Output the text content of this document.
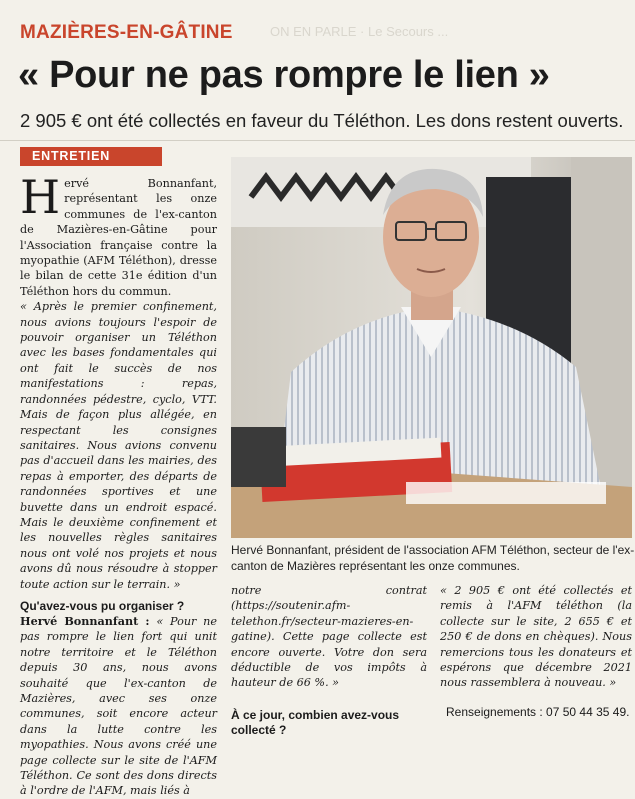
ON EN PARLE · Le Secours ...
MAZIÈRES-EN-GÂTINE
« Pour ne pas rompre le lien »
2 905 € ont été collectés en faveur du Téléthon. Les dons restent ouverts.
ENTRETIEN

Hervé Bonnanfant, représentant les onze communes de l'ex-canton de Mazières-en-Gâtine pour l'Association française contre la myopathie (AFM Téléthon), dresse le bilan de cette 31e édition d'un Téléthon hors du commun.

« Après le premier confinement, nous avions toujours l'espoir de pouvoir organiser un Téléthon avec les bases fondamentales qui ont fait le succès de nos manifestations : repas, randonnées pédestre, cyclo, VTT. Mais de façon plus allégée, en respectant les consignes sanitaires. Nous avions convenu pas d'accueil dans les mairies, des repas à emporter, des départs de randonnées sportives et une buvette dans un endroit espacé. Mais le deuxième confinement et les nouvelles règles sanitaires nous ont volé nos projets et nous avons dû nous résoudre à stopper toute action sur le terrain. »

Qu'avez-vous pu organiser ?

Hervé Bonnanfant : « Pour ne pas rompre le lien fort qui unit notre territoire et le Téléthon depuis 30 ans, nous avons souhaité que l'ex-canton de Mazières, avec ses onze communes, soit encore acteur dans la lutte contre les myopathies. Nous avons créé une page collecte sur le site de l'AFM Téléthon. Ce sont des dons directs à l'ordre de l'AFM, mais liés à

Hervé Bonnanfant, président de l'association AFM Téléthon, secteur de l'ex-canton de Mazières représentant les onze communes.

notre contrat (https://soutenir.afm-telethon.fr/secteur-mazieres-en-gatine). Cette page collecte est encore ouverte. Votre don sera déductible de vos impôts à hauteur de 66 %. »

À ce jour, combien avez-vous collecté ?

« 2 905 € ont été collectés et remis à l'AFM téléthon (la collecte sur le site, 2 655 € et 250 € de dons en chèques). Nous remercions tous les donateurs et espérons que décembre 2021 nous rassemblera à nouveau. »

Renseignements : 07 50 44 35 49.
